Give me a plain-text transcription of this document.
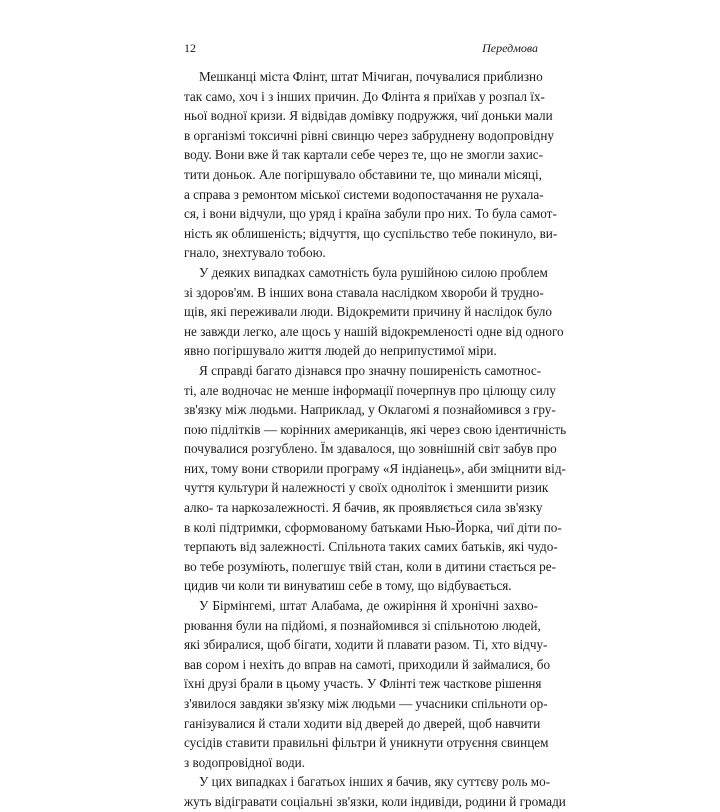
12	Передмова
Мешканці міста Флінт, штат Мічиган, почувалися приблизно
так само, хоч і з інших причин. До Флінта я приїхав у розпал їх-
ньої водної кризи. Я відвідав домівку подружжя, чиї доньки мали
в організмі токсичні рівні свинцю через забруднену водопровідну
воду. Вони вже й так картали себе через те, що не змогли захис-
тити доньок. Але погіршувало обставини те, що минали місяці,
а справа з ремонтом міської системи водопостачання не рухала-
ся, і вони відчули, що уряд і країна забули про них. То була самот-
ність як облишеність; відчуття, що суспільство тебе покинуло, ви-
гнало, знехтувало тобою.
У деяких випадках самотність була рушійною силою проблем
зі здоров'ям. В інших вона ставала наслідком хвороби й трудно-
щів, які переживали люди. Відокремити причину й наслідок було
не завжди легко, але щось у нашій відокремленості одне від одного
явно погіршувало життя людей до неприпустимої міри.
Я справді багато дізнався про значну поширеність самотнос-
ті, але водночас не менше інформації почерпнув про цілющу силу
зв'язку між людьми. Наприклад, у Оклагомі я познайомився з гру-
пою підлітків — корінних американців, які через свою ідентичність
почувалися розгублено. Їм здавалося, що зовнішній світ забув про
них, тому вони створили програму «Я індіанець», аби зміцнити від-
чуття культури й належності у своїх одноліток і зменшити ризик
алко- та наркозалежності. Я бачив, як проявляється сила зв'язку
в колі підтримки, сформованому батьками Нью-Йорка, чиї діти по-
терпають від залежності. Спільнота таких самих батьків, які чудо-
во тебе розуміють, полегшує твій стан, коли в дитини стається ре-
цидив чи коли ти винуватиш себе в тому, що відбувається.
У Бірмінгемі, штат Алабама, де ожиріння й хронічні захво-
рювання були на підйомі, я познайомився зі спільнотою людей,
які збиралися, щоб бігати, ходити й плавати разом. Ті, хто відчу-
вав сором і нехіть до вправ на самоті, приходили й займалися, бо
їхні друзі брали в цьому участь. У Флінті теж часткове рішення
з'явилося завдяки зв'язку між людьми — учасники спільноти ор-
ганізувалися й стали ходити від дверей до дверей, щоб навчити
сусідів ставити правильні фільтри й уникнути отруєння свинцем
з водопровідної води.
У цих випадках і багатьох інших я бачив, яку суттєву роль мо-
жуть відігравати соціальні зв'язки, коли індивіди, родини й громади
